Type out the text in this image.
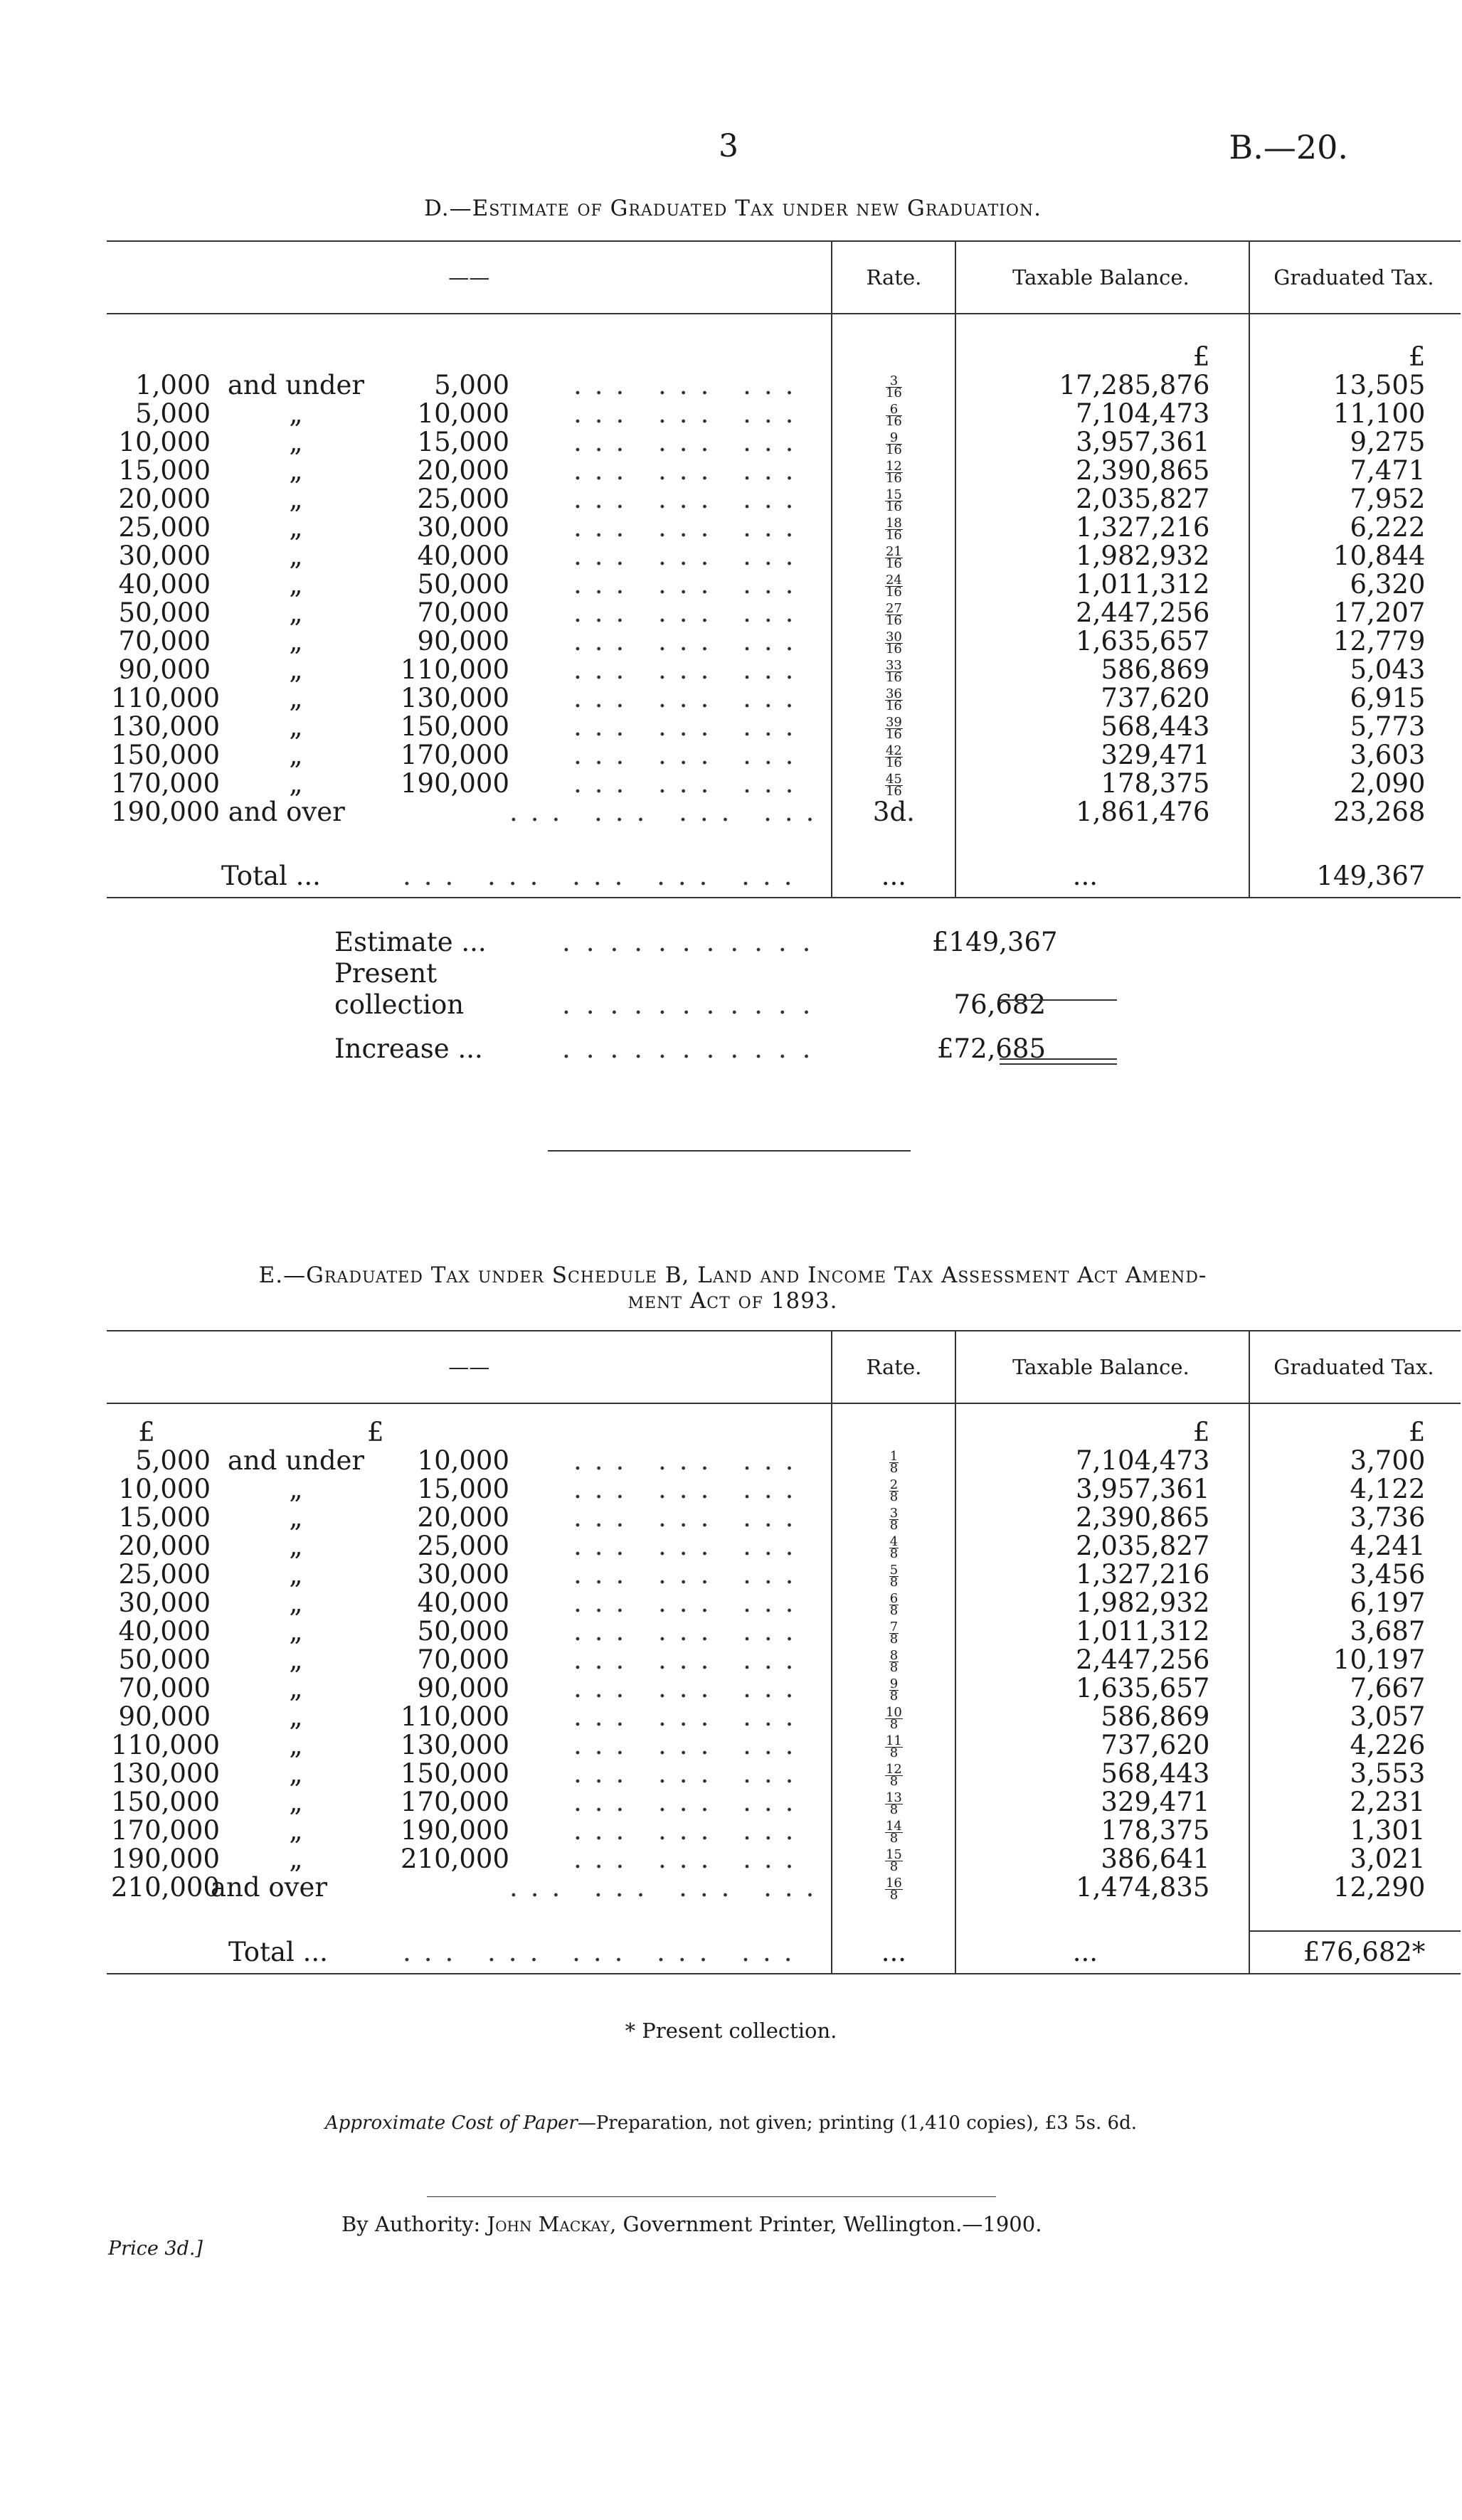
3	B.—20.
D.—Estimate of Graduated Tax under new Graduation.
——	Rate.	Taxable Balance.	Graduated Tax.

		£	£
1,000 and under 5,000 ... ... ...	$\frac{3}{16}$	17,285,876	13,505
5,000 „ 10,000 ... ... ...	$\frac{6}{16}$	7,104,473	11,100
10,000 „ 15,000 ... ... ...	$\frac{9}{16}$	3,957,361	9,275
15,000 „ 20,000 ... ... ...	$\frac{12}{16}$	2,390,865	7,471
20,000 „ 25,000 ... ... ...	$\frac{15}{16}$	2,035,827	7,952
25,000 „ 30,000 ... ... ...	$\frac{18}{16}$	1,327,216	6,222
30,000 „ 40,000 ... ... ...	$\frac{21}{16}$	1,982,932	10,844
40,000 „ 50,000 ... ... ...	$\frac{24}{16}$	1,011,312	6,320
50,000 „ 70,000 ... ... ...	$\frac{27}{16}$	2,447,256	17,207
70,000 „ 90,000 ... ... ...	$\frac{30}{16}$	1,635,657	12,779
90,000 „ 110,000 ... ... ...	$\frac{33}{16}$	586,869	5,043
110,000 „ 130,000 ... ... ...	$\frac{36}{16}$	737,620	6,915
130,000 „ 150,000 ... ... ...	$\frac{39}{16}$	568,443	5,773
150,000 „ 170,000 ... ... ...	$\frac{42}{16}$	329,471	3,603
170,000 „ 190,000 ... ... ...	$\frac{45}{16}$	178,375	2,090
190,000 and over ... ... ... ...	3d.	1,861,476	23,268

Total ... ... ... ... ... ...	...	...	149,367
Estimate ...	...........	£149,367
Present collection	...........	76,682
Increase ...	...........	£72,685
E.—Graduated Tax under Schedule B, Land and Income Tax Assessment Act Amend-
ment Act of 1893.
——	Rate.	Taxable Balance.	Graduated Tax.
£ £		£	£
5,000 and under 10,000 ... ... ...	$\frac{1}{8}$	7,104,473	3,700
10,000 „ 15,000 ... ... ...	$\frac{2}{8}$	3,957,361	4,122
15,000 „ 20,000 ... ... ...	$\frac{3}{8}$	2,390,865	3,736
20,000 „ 25,000 ... ... ...	$\frac{4}{8}$	2,035,827	4,241
25,000 „ 30,000 ... ... ...	$\frac{5}{8}$	1,327,216	3,456
30,000 „ 40,000 ... ... ...	$\frac{6}{8}$	1,982,932	6,197
40,000 „ 50,000 ... ... ...	$\frac{7}{8}$	1,011,312	3,687
50,000 „ 70,000 ... ... ...	$\frac{8}{8}$	2,447,256	10,197
70,000 „ 90,000 ... ... ...	$\frac{9}{8}$	1,635,657	7,667
90,000 „ 110,000 ... ... ...	$\frac{10}{8}$	586,869	3,057
110,000 „ 130,000 ... ... ...	$\frac{11}{8}$	737,620	4,226
130,000 „ 150,000 ... ... ...	$\frac{12}{8}$	568,443	3,553
150,000 „ 170,000 ... ... ...	$\frac{13}{8}$	329,471	2,231
170,000 „ 190,000 ... ... ...	$\frac{14}{8}$	178,375	1,301
190,000 „ 210,000 ... ... ...	$\frac{15}{8}$	386,641	3,021
210,000and over ... ... ... ...	$\frac{16}{8}$	1,474,835	12,290

Total ... ... ... ... ... ...	...	...	£76,682*
* Present collection.
Approximate Cost of Paper—Preparation, not given; printing (1,410 copies), £3 5s. 6d.
By Authority: John Mackay, Government Printer, Wellington.—1900.
Price 3d.]
